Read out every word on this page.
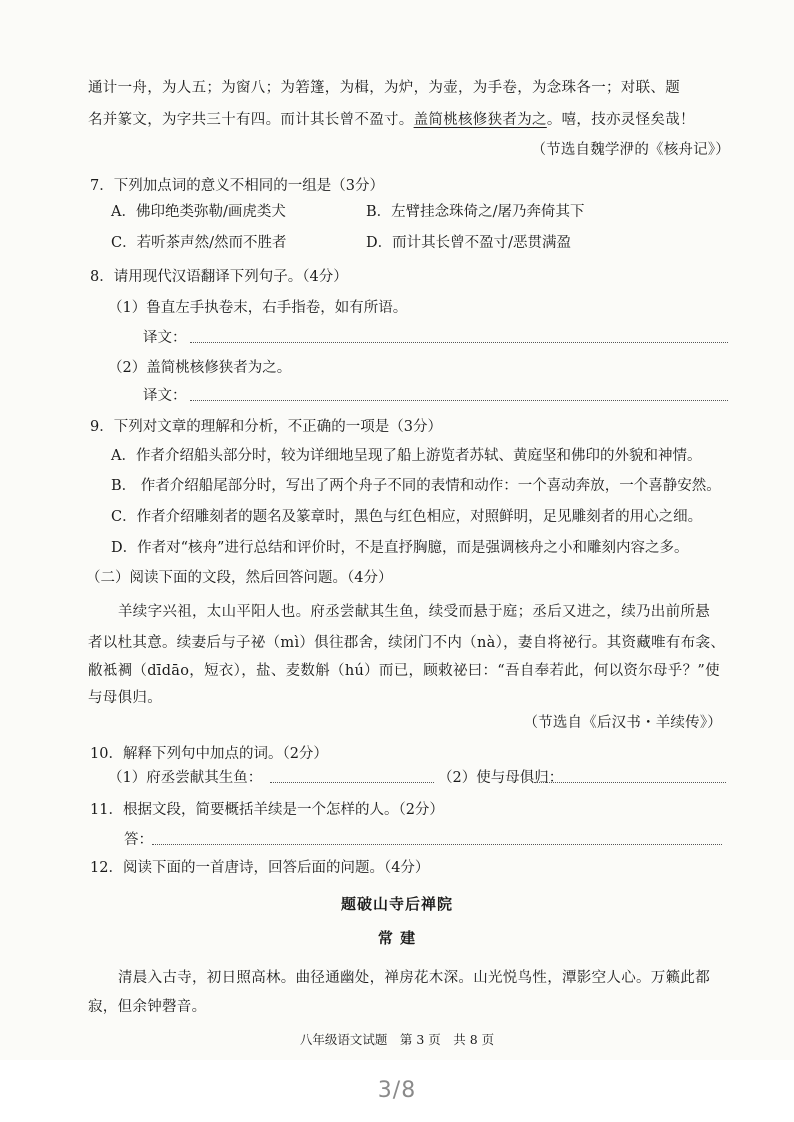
通计一舟，为人五；为窗八；为箬篷，为楫，为炉，为壶，为手卷，为念珠各一；对联、题
名并篆文，为字共三十有四。而计其长曾不盈寸。盖简桃核修狭者为之。嘻，技亦灵怪矣哉！
（节选自魏学洢的《核舟记》）
7．下列加点词的意义不相同的一组是（3分）
A．佛印绝类弥勒/画虎类犬	B．左臂挂念珠倚之/屠乃奔倚其下
C．若听茶声然/然而不胜者	D．而计其长曾不盈寸/恶贯满盈
8．请用现代汉语翻译下列句子。（4分）
（1）鲁直左手执卷末，右手指卷，如有所语。
译文：
（2）盖简桃核修狭者为之。
译文：
9．下列对文章的理解和分析，不正确的一项是（3分）
A．作者介绍船头部分时，较为详细地呈现了船上游览者苏轼、黄庭坚和佛印的外貌和神情。
B． 作者介绍船尾部分时，写出了两个舟子不同的表情和动作：一个喜动奔放，一个喜静安然。
C．作者介绍雕刻者的题名及篆章时，黑色与红色相应，对照鲜明，足见雕刻者的用心之细。
D．作者对“核舟”进行总结和评价时，不是直抒胸臆，而是强调核舟之小和雕刻内容之多。
（二）阅读下面的文段，然后回答问题。（4分）
羊续字兴祖，太山平阳人也。府丞尝献其生鱼，续受而悬于庭；丞后又进之，续乃出前所悬
者以杜其意。续妻后与子祕（mì）俱往郡舍，续闭门不内（nà），妻自将祕行。其资藏唯有布衾、
敝袛裯（dīdāo，短衣），盐、麦数斛（hú）而已，顾敕祕曰：“吾自奉若此，何以资尔母乎？”使
与母俱归。
（节选自《后汉书・羊续传》）
10．解释下列句中加点的词。（2分）
（1）府丞尝献其生鱼：	（2）使与母俱归：
11．根据文段，简要概括羊续是一个怎样的人。（2分）
答：
12．阅读下面的一首唐诗，回答后面的问题。（4分）
题破山寺后禅院
常 建
清晨入古寺，初日照高林。曲径通幽处，禅房花木深。山光悦鸟性，潭影空人心。万籁此都
寂，但余钟磬音。
八年级语文试题　第 3 页　共 8 页
3/8
